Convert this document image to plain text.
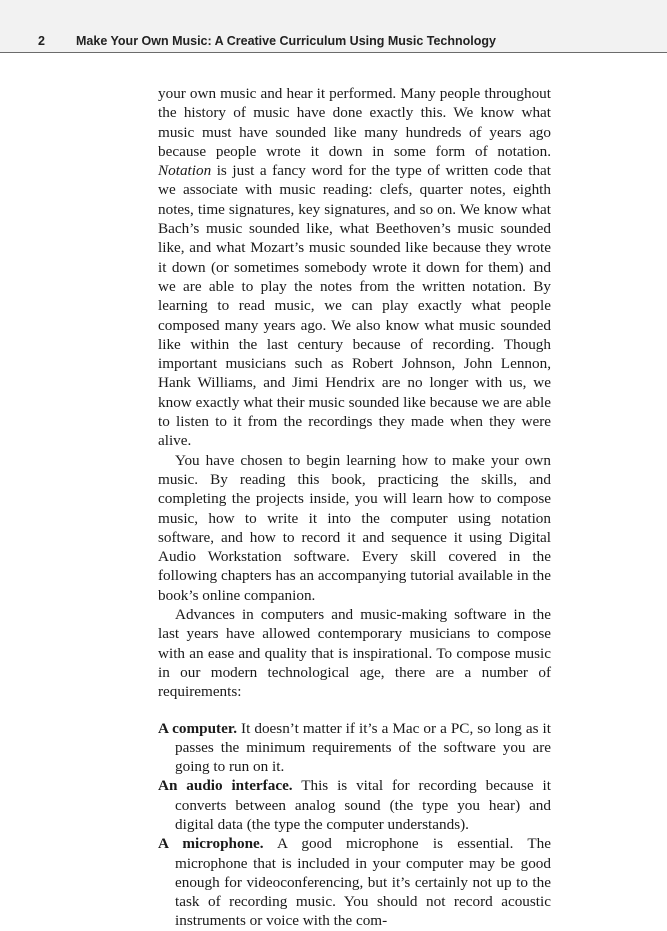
2 Make Your Own Music: A Creative Curriculum Using Music Technology

your own music and hear it performed. Many people throughout the history of music have done exactly this. We know what music must have sounded like many hundreds of years ago because people wrote it down in some form of notation. Notation is just a fancy word for the type of written code that we associate with music reading: clefs, quarter notes, eighth notes, time signatures, key signatures, and so on. We know what Bach’s music sounded like, what Beethoven’s music sounded like, and what Mozart’s music sounded like because they wrote it down (or sometimes somebody wrote it down for them) and we are able to play the notes from the written notation. By learning to read music, we can play exactly what people composed many years ago. We also know what music sounded like within the last century because of recording. Though important musicians such as Robert Johnson, John Lennon, Hank Williams, and Jimi Hendrix are no longer with us, we know exactly what their music sounded like because we are able to listen to it from the recordings they made when they were alive.

You have chosen to begin learning how to make your own music. By reading this book, practicing the skills, and completing the projects inside, you will learn how to compose music, how to write it into the computer using notation software, and how to record it and sequence it using Digital Audio Workstation software. Every skill covered in the following chapters has an accompanying tutorial available in the book’s online companion.

Advances in computers and music-making software in the last years have allowed contemporary musicians to compose with an ease and quality that is inspirational. To compose music in our modern technological age, there are a number of requirements:

A computer. It doesn’t matter if it’s a Mac or a PC, so long as it passes the minimum requirements of the software you are going to run on it.

An audio interface. This is vital for recording because it converts between analog sound (the type you hear) and digital data (the type the computer understands).

A microphone. A good microphone is essential. The microphone that is included in your computer may be good enough for videoconferencing, but it’s certainly not up to the task of recording music. You should not record acoustic instruments or voice with the com-
